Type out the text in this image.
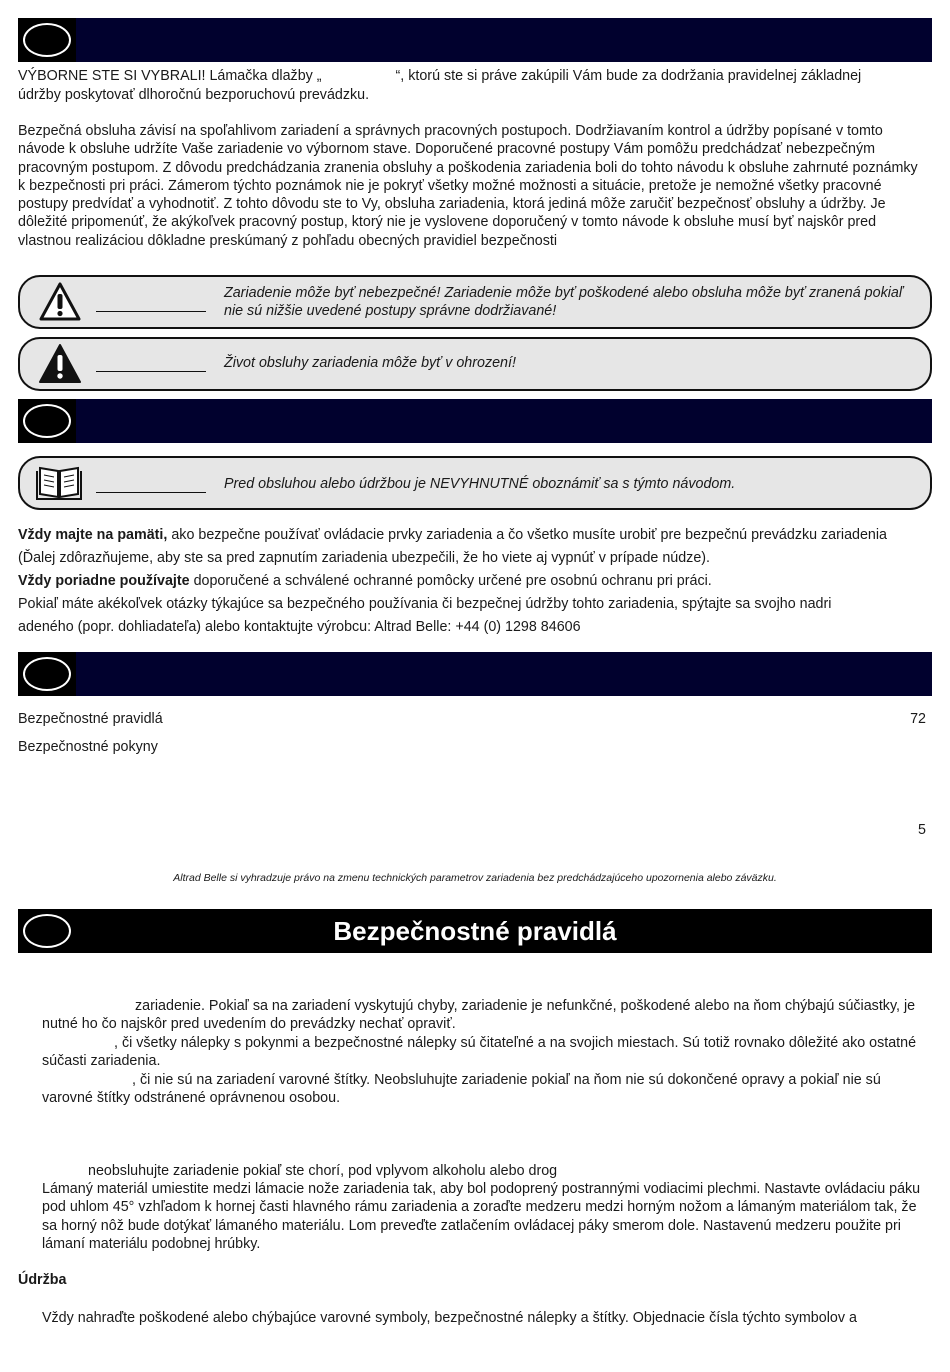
VÝBORNE STE SI VYBRALI! Lámačka dlažby „	“, ktorú ste si práve zakúpili Vám bude za dodržania pravidelnej základnej
údržby poskytovať dlhoročnú bezporuchovú prevádzku.

Bezpečná obsluha závisí na spoľahlivom zariadení a správnych pracovných postupoch. Dodržiavaním kontrol a údržby popísané v tomto návode k obsluhe udržíte Vaše zariadenie vo výbornom stave. Doporučené pracovné postupy Vám pomôžu predchádzať nebezpečným pracovným postupom. Z dôvodu predchádzania zranenia obsluhy a poškodenia zariadenia boli do tohto návodu k obsluhe zahrnuté poznámky k bezpečnosti pri práci. Zámerom týchto poznámok nie je pokryť všetky možné možnosti a situácie, pretože je nemožné všetky pracovné postupy predvídať a vyhodnotiť. Z tohto dôvodu ste to Vy, obsluha zariadenia, ktorá jediná môže zaručiť bezpečnosť obsluhy a údržby. Je dôležité pripomenúť, že akýkoľvek pracovný postup, ktorý nie je vyslovene doporučený v tomto návode k obsluhe musí byť najskôr pred vlastnou realizáciou dôkladne preskúmaný z pohľadu obecných pravidiel bezpečnosti

Zariadenie môže byť nebezpečné! Zariadenie môže byť poškodené alebo obsluha môže byť zranená pokiaľ nie sú nižšie uvedené postupy správne dodržiavané!
Život obsluhy zariadenia môže byť v ohrození!
Pred obsluhou alebo údržbou je NEVYHNUTNÉ oboznámiť sa s týmto návodom.
Vždy majte na pamäti, ako bezpečne používať ovládacie prvky zariadenia a čo všetko musíte urobiť pre bezpečnú prevádzku zariadenia
(Ďalej zdôrazňujeme, aby ste sa pred zapnutím zariadenia ubezpečili, že ho viete aj vypnúť v prípade núdze).
Vždy poriadne používajte doporučené a schválené ochranné pomôcky určené pre osobnú ochranu pri práci.
Pokiaľ máte akékoľvek otázky týkajúce sa bezpečného používania či bezpečnej údržby tohto zariadenia, spýtajte sa svojho nadri
adeného (popr. dohliadateľa) alebo kontaktujte výrobcu: Altrad Belle: +44 (0) 1298 84606
Bezpečnostné pravidlá	72
Bezpečnostné pokyny
5
Altrad Belle si vyhradzuje právo na zmenu technických parametrov zariadenia bez predchádzajúceho upozornenia alebo záväzku.
Bezpečnostné pravidlá

zariadenie. Pokiaľ sa na zariadení vyskytujú chyby, zariadenie je nefunkčné, poškodené alebo na ňom chýbajú súčiastky, je nutné ho čo najskôr pred uvedením do prevádzky nechať opraviť.

, či všetky nálepky s pokynmi a bezpečnostné nálepky sú čitateľné a na svojich miestach. Sú totiž rovnako dôležité ako ostatné súčasti zariadenia.

, či nie sú na zariadení varovné štítky. Neobsluhujte zariadenie pokiaľ na ňom nie sú dokončené opravy a pokiaľ nie sú varovné štítky odstránené oprávnenou osobou.

neobsluhujte zariadenie pokiaľ ste chorí, pod vplyvom alkoholu alebo drog

Lámaný materiál umiestite medzi lámacie nože zariadenia tak, aby bol podoprený postrannými vodiacimi plechmi. Nastavte ovládaciu páku pod uhlom 45° vzhľadom k hornej časti hlavného rámu zariadenia a zoraďte medzeru medzi horným nožom a lámaným materiálom tak, že sa horný nôž bude dotýkať lámaného materiálu. Lom preveďte zatlačením ovládacej páky smerom dole. Nastavenú medzeru použite pri lámaní materiálu podobnej hrúbky.

Údržba

Vždy nahraďte poškodené alebo chýbajúce varovné symboly, bezpečnostné nálepky a štítky. Objednacie čísla týchto symbolov a
